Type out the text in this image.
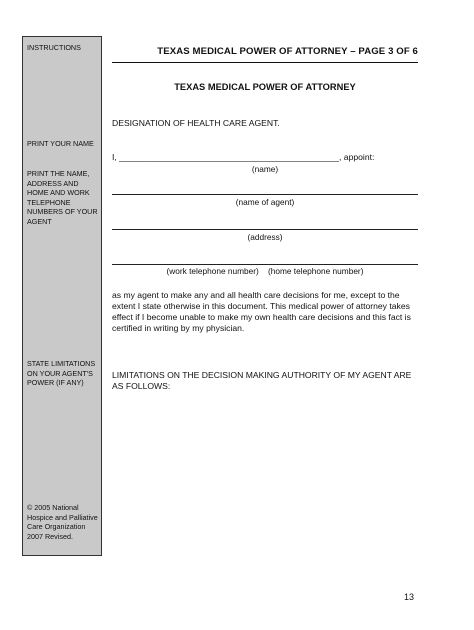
INSTRUCTIONS
PRINT YOUR NAME
PRINT THE NAME, ADDRESS AND HOME AND WORK TELEPHONE NUMBERS OF YOUR AGENT
STATE LIMITATIONS ON YOUR AGENT'S POWER (IF ANY)
© 2005 National Hospice and Palliative Care Organization 2007 Revised.
TEXAS MEDICAL POWER OF ATTORNEY – PAGE 3 OF 6
TEXAS MEDICAL POWER OF ATTORNEY
DESIGNATION OF HEALTH CARE AGENT.
I, ______________________________________________, appoint:
(name)
(name of agent)
(address)
(work telephone number)    (home telephone number)
as my agent to make any and all health care decisions for me, except to the extent I state otherwise in this document. This medical power of attorney takes effect if I become unable to make my own health care decisions and this fact is certified in writing by my physician.
LIMITATIONS ON THE DECISION MAKING AUTHORITY OF MY AGENT ARE AS FOLLOWS:
13
